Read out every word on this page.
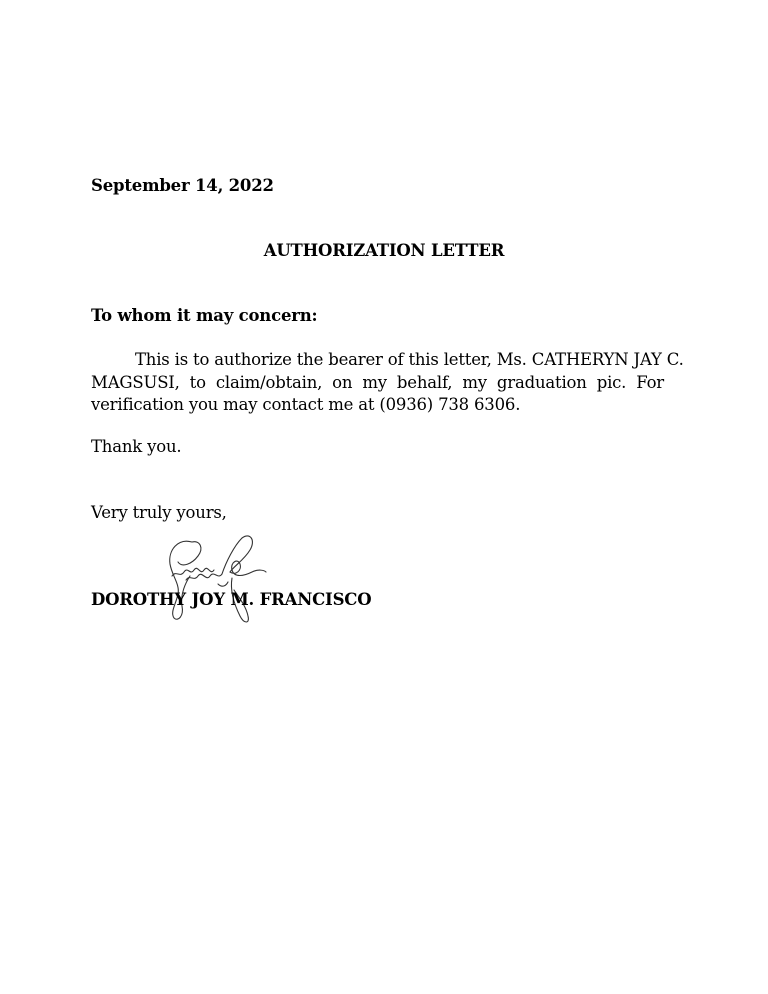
September 14, 2022
AUTHORIZATION LETTER
To whom it may concern:
This is to authorize the bearer of this letter, Ms. CATHERYN JAY C.
MAGSUSI, to claim/obtain, on my behalf, my graduation pic. For
verification you may contact me at (0936) 738 6306.
Thank you.
Very truly yours,
DOROTHY JOY M. FRANCISCO
